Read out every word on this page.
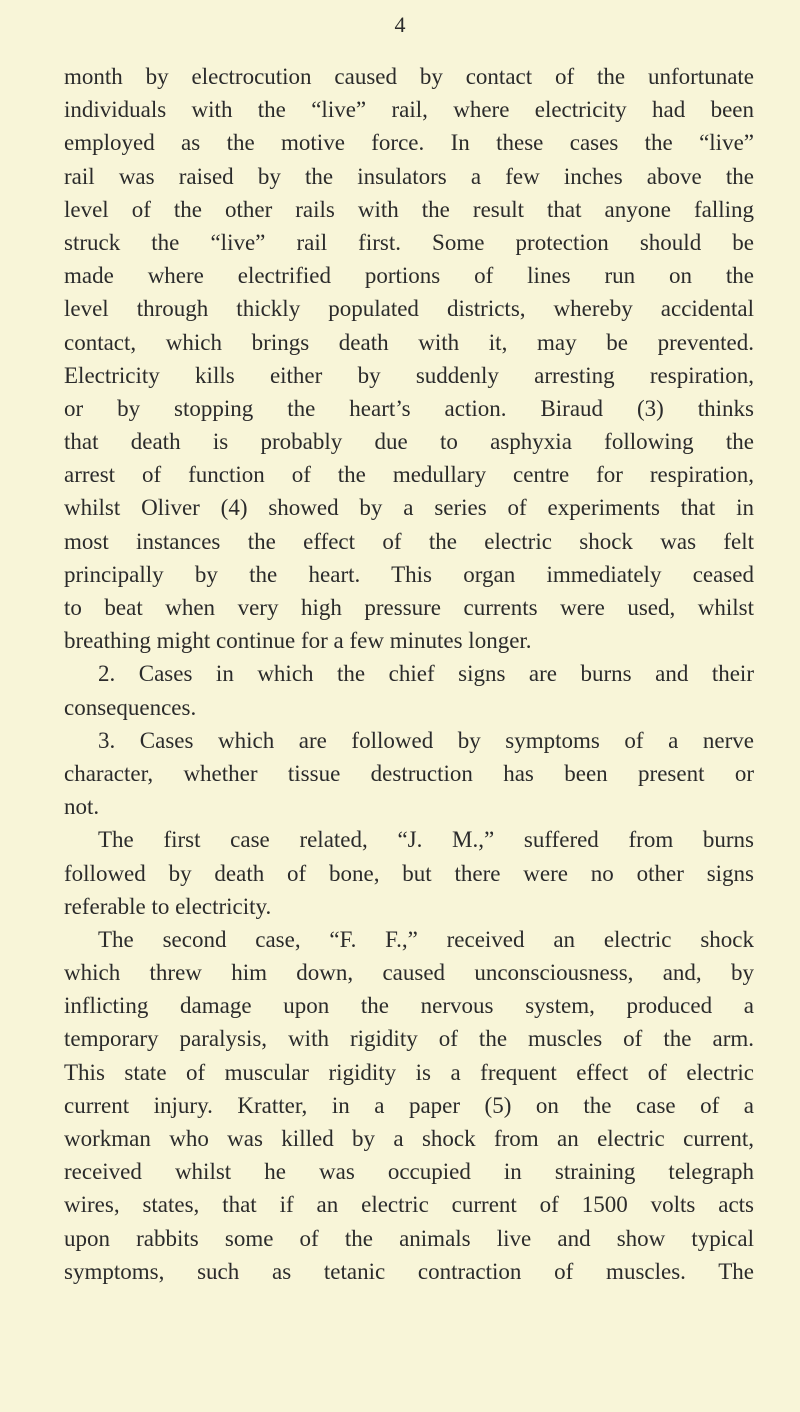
4
month by electrocution caused by contact of the unfortunate
individuals with the “live” rail, where electricity had been
employed as the motive force. In these cases the “live”
rail was raised by the insulators a few inches above the
level of the other rails with the result that anyone falling
struck the “live” rail first. Some protection should be
made where electrified portions of lines run on the
level through thickly populated districts, whereby accidental
contact, which brings death with it, may be prevented.
Electricity kills either by suddenly arresting respiration,
or by stopping the heart’s action. Biraud (3) thinks
that death is probably due to asphyxia following the
arrest of function of the medullary centre for respiration,
whilst Oliver (4) showed by a series of experiments that in
most instances the effect of the electric shock was felt
principally by the heart. This organ immediately ceased
to beat when very high pressure currents were used, whilst
breathing might continue for a few minutes longer.
2. Cases in which the chief signs are burns and their
consequences.
3. Cases which are followed by symptoms of a nerve
character, whether tissue destruction has been present or
not.
The first case related, “J. M.,” suffered from burns
followed by death of bone, but there were no other signs
referable to electricity.
The second case, “F. F.,” received an electric shock
which threw him down, caused unconsciousness, and, by
inflicting damage upon the nervous system, produced a
temporary paralysis, with rigidity of the muscles of the arm.
This state of muscular rigidity is a frequent effect of electric
current injury. Kratter, in a paper (5) on the case of a
workman who was killed by a shock from an electric current,
received whilst he was occupied in straining telegraph
wires, states, that if an electric current of 1500 volts acts
upon rabbits some of the animals live and show typical
symptoms, such as tetanic contraction of muscles. The
